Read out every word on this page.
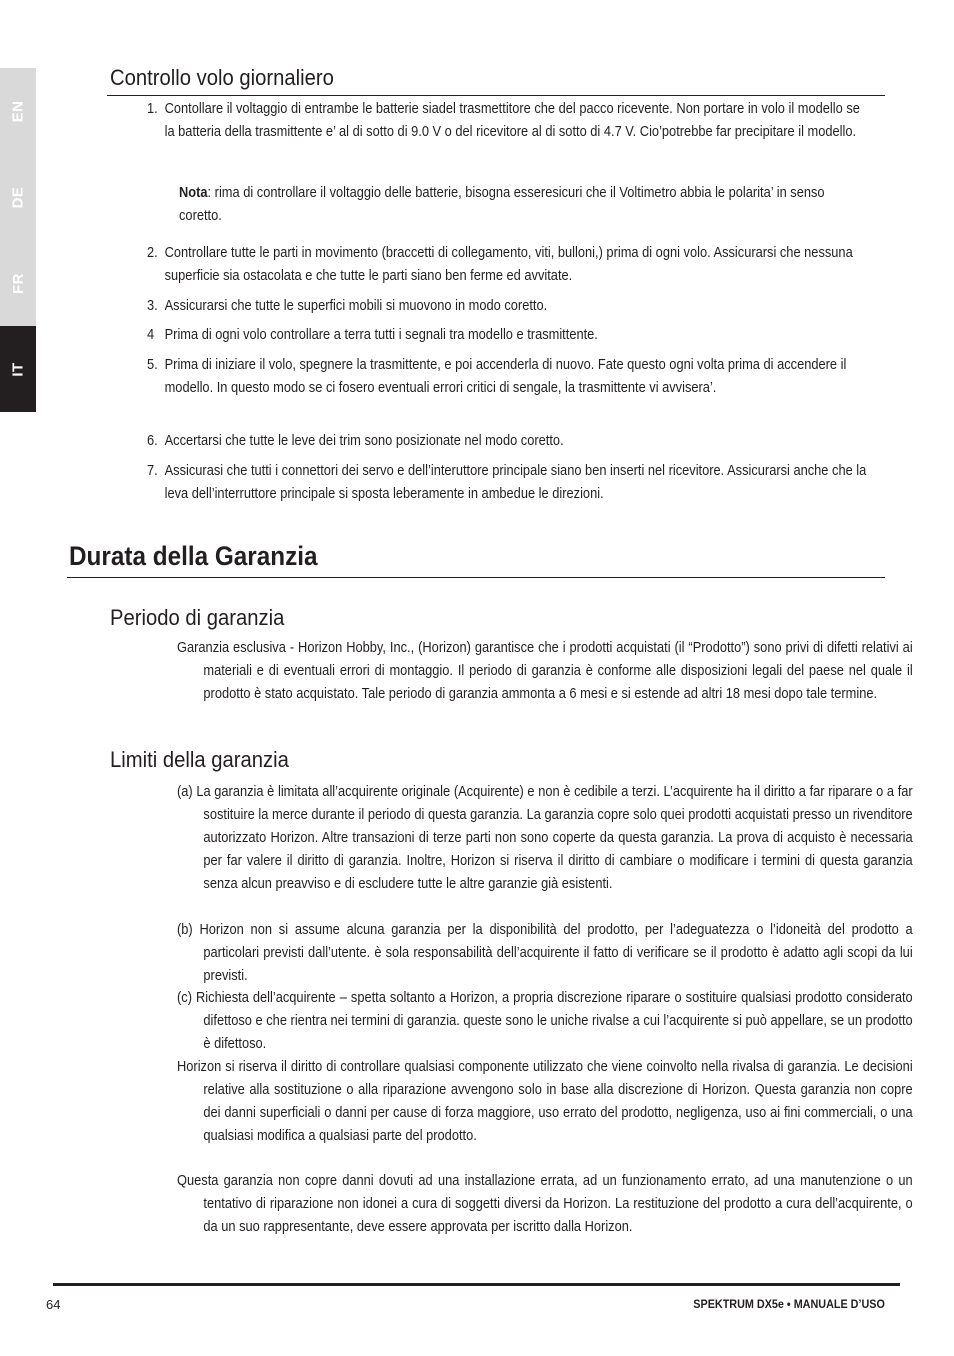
EN
DE
FR
IT
Controllo volo giornaliero
1. Contollare il voltaggio di entrambe le batterie siadel trasmettitore che del pacco ricevente. Non portare in volo il modello se la batteria della trasmittente e’ al di sotto di 9.0 V o del ricevitore al di sotto di 4.7 V. Cio’potrebbe far precipitare il modello.
Nota: rima di controllare il voltaggio delle batterie, bisogna esseresicuri che il Voltimetro abbia le polarita’ in senso coretto.
2. Controllare tutte le parti in movimento (braccetti di collegamento, viti, bulloni,) prima di ogni volo. Assicurarsi che nessuna superficie sia ostacolata e che tutte le parti siano ben ferme ed avvitate.
3. Assicurarsi che tutte le superfici mobili si muovono in modo coretto.
4 Prima di ogni volo controllare a terra tutti i segnali tra modello e trasmittente.
5. Prima di iniziare il volo, spegnere la trasmittente, e poi accenderla di nuovo. Fate questo ogni volta prima di accendere il modello. In questo modo se ci fosero eventuali errori critici di sengale, la trasmittente vi avvisera’.
6. Accertarsi che tutte le leve dei trim sono posizionate nel modo coretto.
7. Assicurasi che tutti i connettori dei servo e dell’interuttore principale siano ben inserti nel ricevitore. Assicurarsi anche che la leva dell’interruttore principale si sposta leberamente in ambedue le direzioni.
Durata della Garanzia
Periodo di garanzia
Garanzia esclusiva - Horizon Hobby, Inc., (Horizon) garantisce che i prodotti acquistati (il “Prodotto”) sono privi di difetti relativi ai materiali e di eventuali errori di montaggio. Il periodo di garanzia è conforme alle disposizioni legali del paese nel quale il prodotto è stato acquistato. Tale periodo di garanzia ammonta a 6 mesi e si estende ad altri 18 mesi dopo tale termine.
Limiti della garanzia
(a) La garanzia è limitata all’acquirente originale (Acquirente) e non è cedibile a terzi. L’acquirente ha il diritto a far riparare o a far sostituire la merce durante il periodo di questa garanzia. La garanzia copre solo quei prodotti acquistati presso un rivenditore autorizzato Horizon. Altre transazioni di terze parti non sono coperte da questa garanzia. La prova di acquisto è necessaria per far valere il diritto di garanzia. Inoltre, Horizon si riserva il diritto di cambiare o modificare i termini di questa garanzia senza alcun preavviso e di escludere tutte le altre garanzie già esistenti.
(b) Horizon non si assume alcuna garanzia per la disponibilità del prodotto, per l’adeguatezza o l’idoneità del prodotto a particolari previsti dall’utente. è sola responsabilità dell’acquirente il fatto di verificare se il prodotto è adatto agli scopi da lui previsti.
(c) Richiesta dell’acquirente – spetta soltanto a Horizon, a propria discrezione riparare o sostituire qualsiasi prodotto considerato difettoso e che rientra nei termini di garanzia. queste sono le uniche rivalse a cui l’acquirente si può appellare, se un prodotto è difettoso.
Horizon si riserva il diritto di controllare qualsiasi componente utilizzato che viene coinvolto nella rivalsa di garanzia. Le decisioni relative alla sostituzione o alla riparazione avvengono solo in base alla discrezione di Horizon. Questa garanzia non copre dei danni superficiali o danni per cause di forza maggiore, uso errato del prodotto, negligenza, uso ai fini commerciali, o una qualsiasi modifica a qualsiasi parte del prodotto.
Questa garanzia non copre danni dovuti ad una installazione errata, ad un funzionamento errato, ad una manutenzione o un tentativo di riparazione non idonei a cura di soggetti diversi da Horizon. La restituzione del prodotto a cura dell’acquirente, o da un suo rappresentante, deve essere approvata per iscritto dalla Horizon.
64	SPEKTRUM DX5e • MANUALE D’USO
